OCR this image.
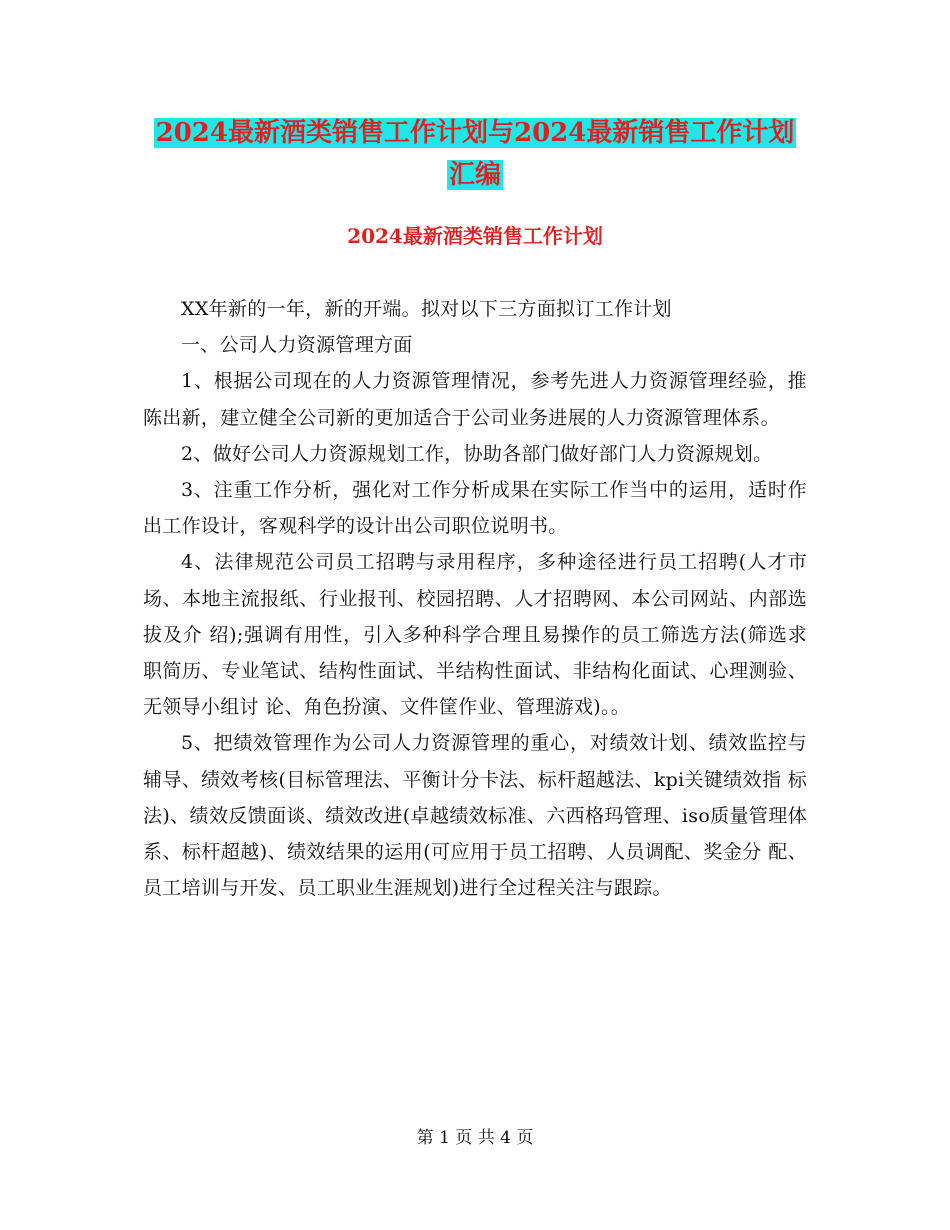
2024最新酒类销售工作计划与2024最新销售工作计划
汇编
2024最新酒类销售工作计划

XX年新的一年，新的开端。拟对以下三方面拟订工作计划

一、公司人力资源管理方面

1、根据公司现在的人力资源管理情况，参考先进人力资源管理经验，推陈出新，建立健全公司新的更加适合于公司业务进展的人力资源管理体系。

2、做好公司人力资源规划工作，协助各部门做好部门人力资源规划。

3、注重工作分析，强化对工作分析成果在实际工作当中的运用，适时作出工作设计，客观科学的设计出公司职位说明书。

4、法律规范公司员工招聘与录用程序，多种途径进行员工招聘(人才市场、本地主流报纸、行业报刊、校园招聘、人才招聘网、本公司网站、内部选拔及介 绍);强调有用性，引入多种科学合理且易操作的员工筛选方法(筛选求职简历、专业笔试、结构性面试、半结构性面试、非结构化面试、心理测验、无领导小组讨 论、角色扮演、文件筐作业、管理游戏)。。

5、把绩效管理作为公司人力资源管理的重心，对绩效计划、绩效监控与辅导、绩效考核(目标管理法、平衡计分卡法、标杆超越法、kpi关键绩效指 标法)、绩效反馈面谈、绩效改进(卓越绩效标准、六西格玛管理、iso质量管理体系、标杆超越)、绩效结果的运用(可应用于员工招聘、人员调配、奖金分 配、员工培训与开发、员工职业生涯规划)进行全过程关注与跟踪。

第 1 页 共 4 页
